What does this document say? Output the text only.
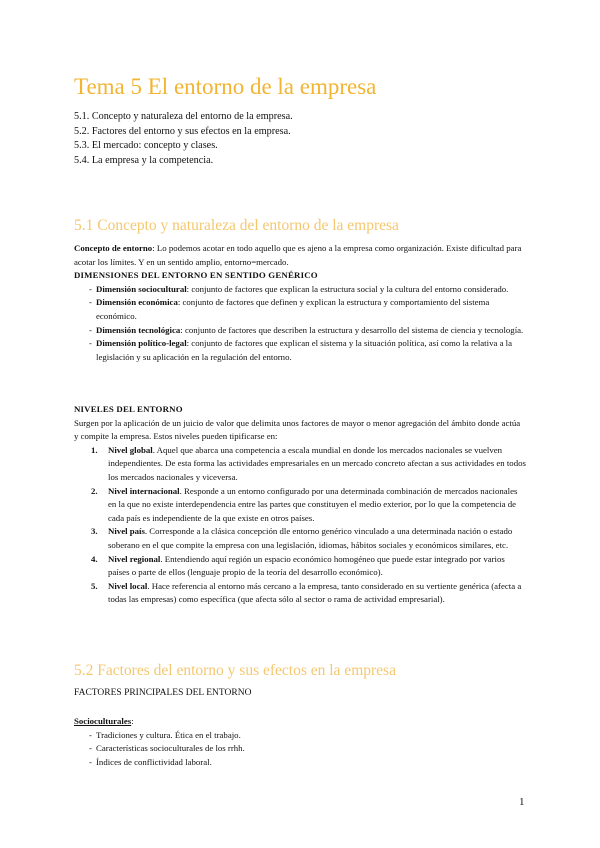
Tema 5 El entorno de la empresa
5.1. Concepto y naturaleza del entorno de la empresa.
5.2. Factores del entorno y sus efectos en la empresa.
5.3. El mercado: concepto y clases.
5.4. La empresa y la competencia.
5.1 Concepto y naturaleza del entorno de la empresa

Concepto de entorno: Lo podemos acotar en todo aquello que es ajeno a la empresa como organización. Existe dificultad para acotar los límites. Y en un sentido amplio, entorno=mercado.

DIMENSIONES DEL ENTORNO EN SENTIDO GENÉRICO

- Dimensión sociocultural: conjunto de factores que explican la estructura social y la cultura del entorno considerado.
- Dimensión económica: conjunto de factores que definen y explican la estructura y comportamiento del sistema económico.
- Dimensión tecnológica: conjunto de factores que describen la estructura y desarrollo del sistema de ciencia y tecnología.
- Dimensión político-legal: conjunto de factores que explican el sistema y la situación política, así como la relativa a la legislación y su aplicación en la regulación del entorno.

NIVELES DEL ENTORNO

Surgen por la aplicación de un juicio de valor que delimita unos factores de mayor o menor agregación del ámbito donde actúa y compite la empresa. Estos niveles pueden tipificarse en:

1. Nivel global. Aquel que abarca una competencia a escala mundial en donde los mercados nacionales se vuelven independientes. De esta forma las actividades empresariales en un mercado concreto afectan a sus actividades en todos los mercados nacionales y viceversa.
2. Nivel internacional. Responde a un entorno configurado por una determinada combinación de mercados nacionales en la que no existe interdependencia entre las partes que constituyen el medio exterior, por lo que la competencia de cada país es independiente de la que existe en otros países.
3. Nivel país. Corresponde a la clásica concepción dle entorno genérico vinculado a una determinada nación o estado soberano en el que compite la empresa con una legislación, idiomas, hábitos sociales y económicos similares, etc.
4. Nivel regional. Entendiendo aquí región un espacio económico homogéneo que puede estar integrado por varios países o parte de ellos (lenguaje propio de la teoría del desarrollo económico).
5. Nivel local. Hace referencia al entorno más cercano a la empresa, tanto considerado en su vertiente genérica (afecta a todas las empresas) como específica (que afecta sólo al sector o rama de actividad empresarial).
5.2 Factores del entorno y sus efectos en la empresa
FACTORES PRINCIPALES DEL ENTORNO

Socioculturales:

- Tradiciones y cultura. Ética en el trabajo.
- Características socioculturales de los rrhh.
- Índices de conflictividad laboral.
1
